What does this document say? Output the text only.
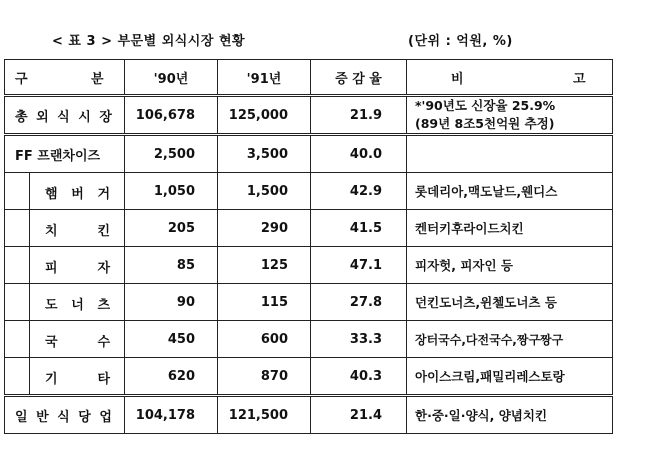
< 표 3 > 부문별 외식시장 현황	(단위 : 억원, %)
구 분	'90년	'91년	증 감 율	비 고

총 외 식 시 장	106,678	125,000	21.9	*'90년도 신장율 25.9%
(89년 8조5천억원 추정)

FF 프랜차이즈	2,500	3,500	40.0	

햄 버 거	1,050	1,500	42.9	롯데리아,맥도날드,웬디스

치 킨	205	290	41.5	켄터키후라이드치킨

피 자	85	125	47.1	피자헛, 피자인 등

도 너 츠	90	115	27.8	던킨도너츠,윈첼도너츠 등

국 수	450	600	33.3	장터국수,다전국수,짱구짱구

기 타	620	870	40.3	아이스크림,패밀리레스토랑
일 반 식 당 업	104,178	121,500	21.4	한·중·일·양식, 양념치킨
